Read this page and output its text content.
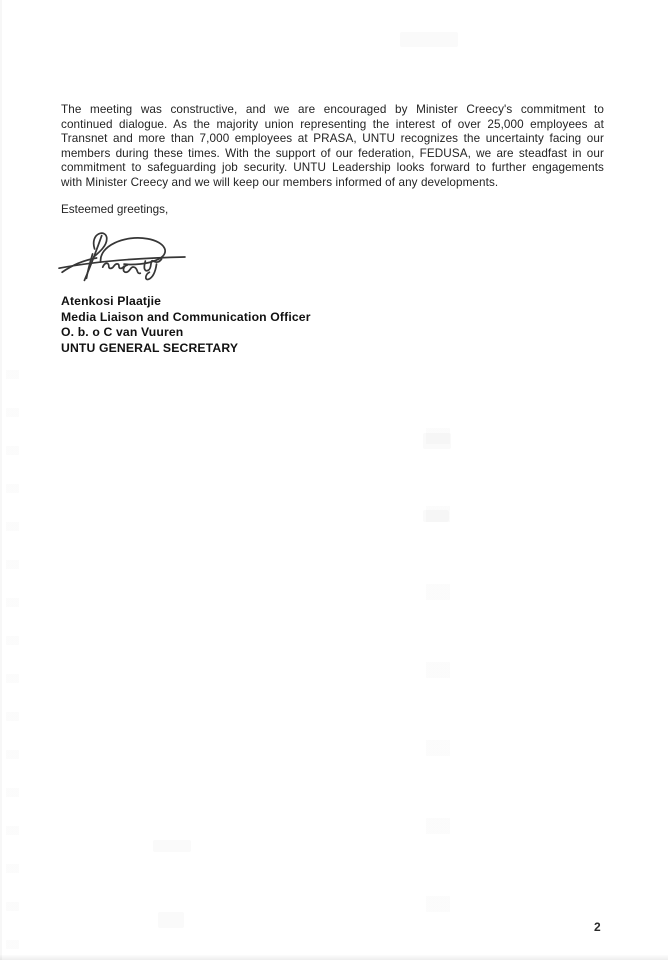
The meeting was constructive, and we are encouraged by Minister Creecy's commitment to
continued dialogue. As the majority union representing the interest of over 25,000 employees at
Transnet and more than 7,000 employees at PRASA, UNTU recognizes the uncertainty facing our
members during these times. With the support of our federation, FEDUSA, we are steadfast in our
commitment to safeguarding job security. UNTU Leadership looks forward to further engagements
with Minister Creecy and we will keep our members informed of any developments.
Esteemed greetings,
Atenkosi Plaatjie
Media Liaison and Communication Officer
O. b. o C van Vuuren
UNTU GENERAL SECRETARY
2
